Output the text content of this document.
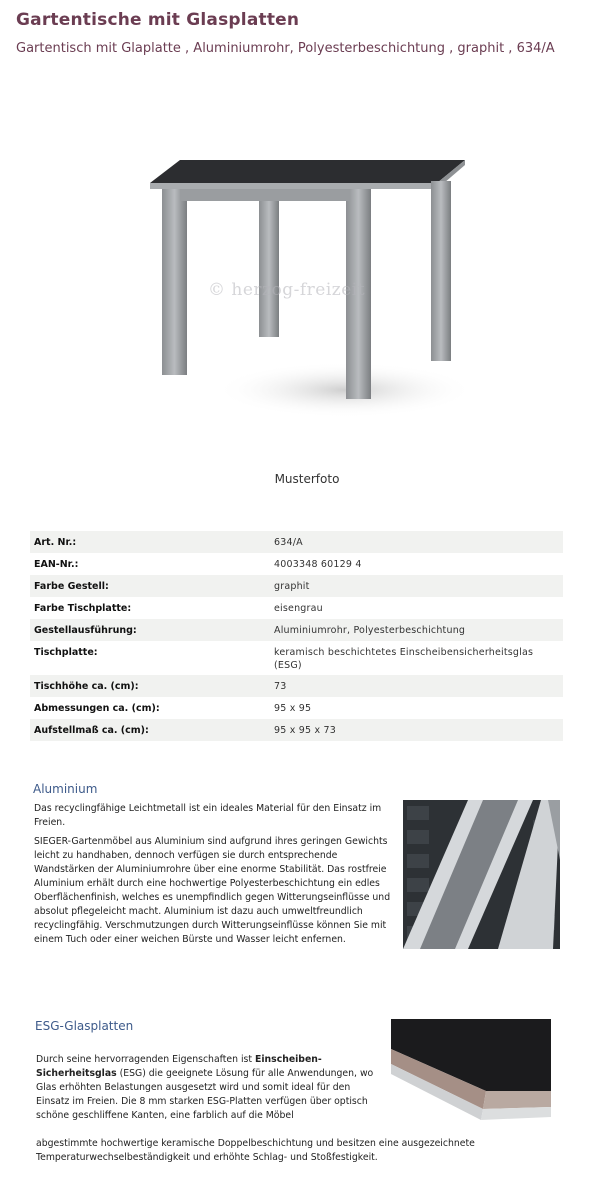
Gartentische mit Glasplatten
Gartentisch mit Glaplatte , Aluminiumrohr, Polyesterbeschichtung , graphit , 634/A
© herzog-freizeit
Musterfoto
Art. Nr.:	634/A
EAN-Nr.:	4003348 60129 4
Farbe Gestell:	graphit
Farbe Tischplatte:	eisengrau
Gestellausführung:	Aluminiumrohr, Polyesterbeschichtung
Tischplatte:	keramisch beschichtetes Einscheibensicherheitsglas (ESG)
Tischhöhe ca. (cm):	73
Abmessungen ca. (cm):	95 x 95
Aufstellmaß ca. (cm):	95 x 95 x 73
Aluminium
Das recyclingfähige Leichtmetall ist ein ideales Material für den Einsatz im Freien.
SIEGER-Gartenmöbel aus Aluminium sind aufgrund ihres geringen Gewichts leicht zu handhaben, dennoch verfügen sie durch entsprechende Wandstärken der Aluminiumrohre über eine enorme Stabilität. Das rostfreie Aluminium erhält durch eine hochwertige Polyesterbeschichtung ein edles Oberflächenfinish, welches es unempfindlich gegen Witterungseinflüsse und absolut pflegeleicht macht. Aluminium ist dazu auch umweltfreundlich recyclingfähig. Verschmutzungen durch Witterungseinflüsse können Sie mit einem Tuch oder einer weichen Bürste und Wasser leicht enfernen.
ESG-Glasplatten
Durch seine hervorragenden Eigenschaften ist Einscheiben-Sicherheitsglas (ESG) die geeignete Lösung für alle Anwendungen, wo Glas erhöhten Belastungen ausgesetzt wird und somit ideal für den Einsatz im Freien. Die 8 mm starken ESG-Platten verfügen über optisch schöne geschliffene Kanten, eine farblich auf die Möbel
abgestimmte hochwertige keramische Doppelbeschichtung und besitzen eine ausgezeichnete Temperaturwechselbeständigkeit und erhöhte Schlag- und Stoßfestigkeit.
